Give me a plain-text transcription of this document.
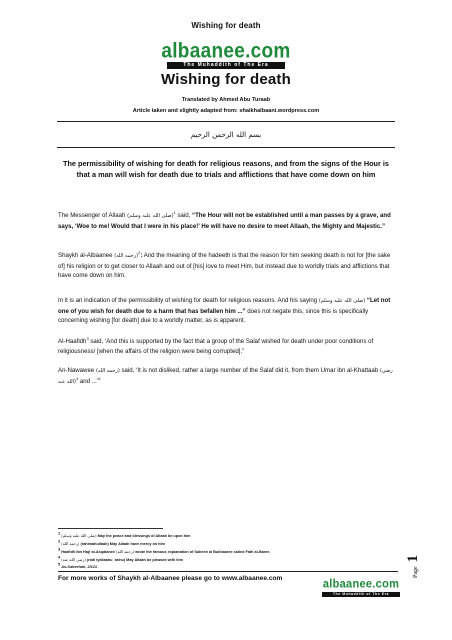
Wishing for death
albaanee.com
The Muhaddith of The Era
Wishing for death
Translated by Ahmed Abu Turaab
Article taken and slightly adapted from: shaikhalbaani.wordpress.com
بسم الله الرحمن الرحيم
The permissibility of wishing for death for religious reasons, and from the signs of the Hour is that a man will wish for death due to trials and afflictions that have come down on him
The Messenger of Allaah (صلى الله عليه وسلم)$^1$ said, “The Hour will not be established until a man passes by a grave, and says, ‘Woe to me! Would that I were in his place!’ He will have no desire to meet Allaah, the Mighty and Majestic.”
Shaykh al-Albaanee (رحمه الله)$^2$: And the meaning of the hadeeth is that the reason for him seeking death is not for [the sake of] his religion or to get closer to Allaah and out of [his] love to meet Him, but instead due to worldly trials and afflictions that have come down on him.
In it is an indication of the permissibility of wishing for death for religious reasons. And his saying (صلى الله عليه وسلم) “Let not one of you wish for death due to a harm that has befallen him ...” does not negate this, since this is specifically concerning wishing [for death] due to a worldly matter, as is apparent.
Al-Haafidh$^3$ said, ‘And this is supported by the fact that a group of the Salaf wished for death under poor conditions of religiousness/ [when the affairs of the religion were being corrupted].”
An-Nawawee (رحمه الله) said, ‘It is not disliked, rather a large number of the Salaf did it, from them Umar ibn al-Khattaab (رضي الله عنه)$^4$ and ...’$^5$
$^1$ (صلى الله عليه وسلم) May the peace and blessings of Allaah be upon him
$^2$ (رحمه الله) (rahimahullaah) May Allaah have mercy on him
$^3$ Haafidh Ibn Hajr al-Asqalanee (رحمه الله) wrote the famous explanation of Saheeh al Bukhaaree called Fath al-Baree.
$^4$ (رضي الله عنه) (radi iyallaahu `anhu) May Allaah be pleased with him
$^5$ As-Saheehah, 2/121.	Page 1
For more works of Shaykh al-Albaanee please go to www.albaanee.com	albaanee.com
The Muhaddith of The Era
